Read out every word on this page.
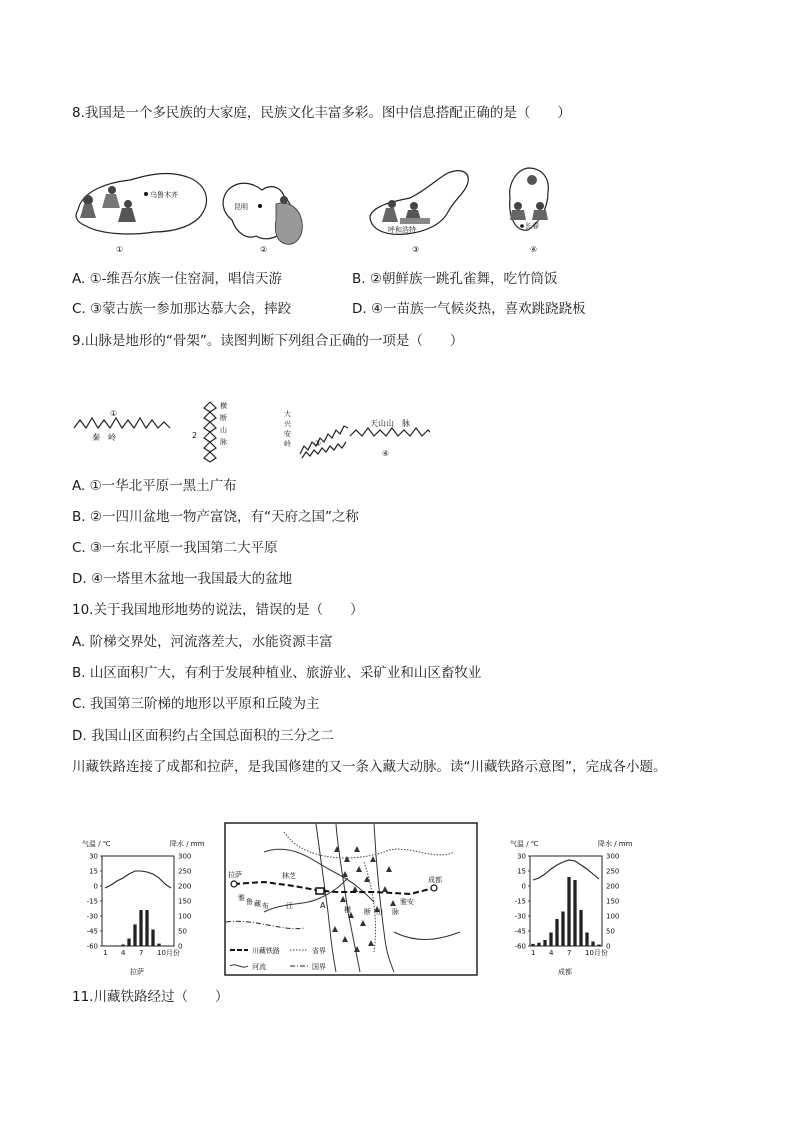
8.我国是一个多民族的大家庭，民族文化丰富多彩。图中信息搭配正确的是（　　）
乌鲁木齐
①
昆明
②
呼和浩特
③
长春
④
A. ①-维吾尔族一住窑洞，唱信天游	B. ②朝鲜族一跳孔雀舞，吃竹筒饭
C. ③蒙古族一参加那达慕大会，摔跤	D. ④一苗族一气候炎热，喜欢跳跷跷板
9.山脉是地形的“骨架”。读图判断下列组合正确的一项是（　　）
①
秦　岭	2
横
断
山
脉
大
兴
安
岭	③
天山山　脉
④
A. ①一华北平原一黑土广布
B. ②一四川盆地一物产富饶，有“天府之国”之称
C. ③一东北平原一我国第二大平原
D. ④一塔里木盆地一我国最大的盆地
10.关于我国地形地势的说法，错误的是（　　）
A. 阶梯交界处，河流落差大，水能资源丰富
B. 山区面积广大，有利于发展种植业、旅游业、采矿业和山区畜牧业
C. 我国第三阶梯的地形以平原和丘陵为主
D. 我国山区面积约占全国总面积的三分之二
川藏铁路连接了成都和拉萨，是我国修建的又一条入藏大动脉。读“川藏铁路示意图”，完成各小题。
气温 / ℃	降水 / mm
拉萨
30
15
0
-15
-30
-45
-60
300
250
200
150
100
50
0
1 4 7 10月份
拉萨	林芝
雅安
成都
A	横 断 山 脉
雅 鲁 藏 布 江
川藏铁路	省界
河流	国界
气温 / ℃	降水 / mm
成都
30
15
0
-15
-30
-45
-60
300
250
200
150
100
50
0
1 4 7 10月份
11.川藏铁路经过（　　）
